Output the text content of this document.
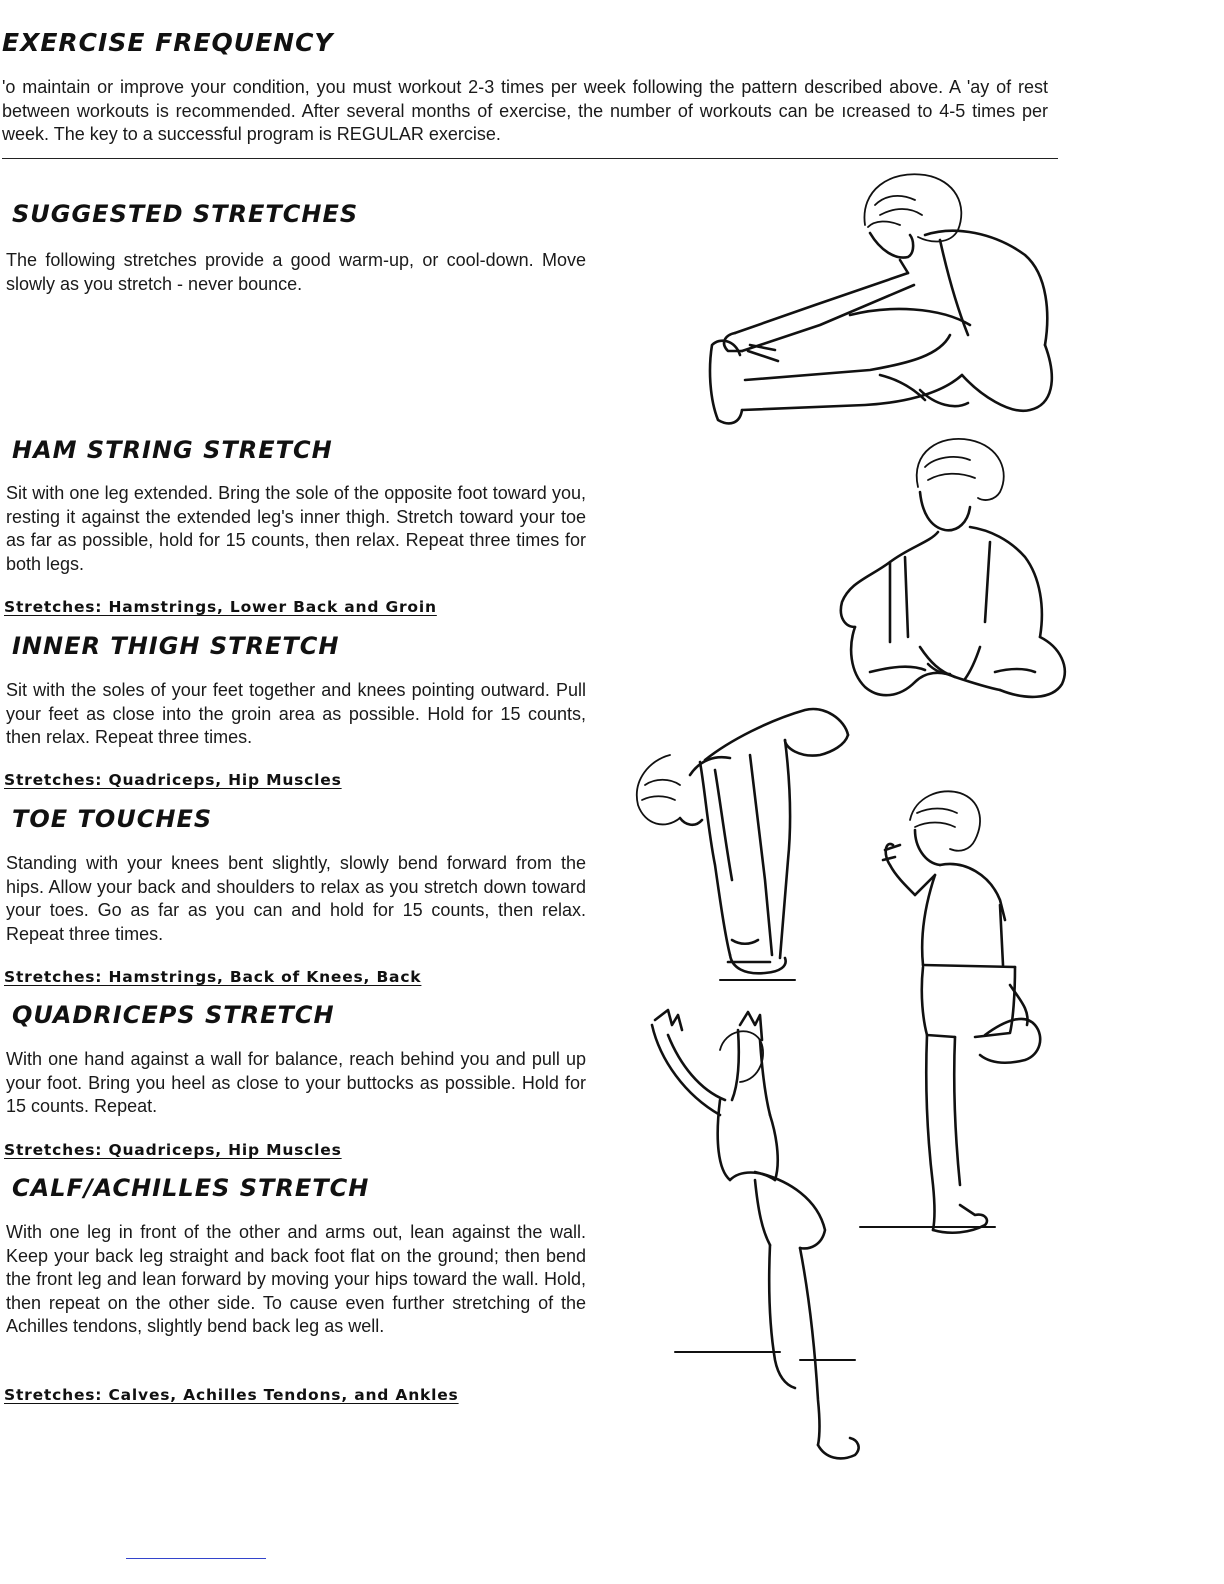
EXERCISE FREQUENCY

'o maintain or improve your condition, you must workout 2-3 times per week following the pattern described above. A 'ay of rest between workouts is recommended. After several months of exercise, the number of workouts can be ıcreased to 4-5 times per week. The key to a successful program is REGULAR exercise.

SUGGESTED STRETCHES

The following stretches provide a good warm-up, or cool-down. Move slowly as you stretch - never bounce.

HAM STRING STRETCH

Sit with one leg extended. Bring the sole of the opposite foot toward you, resting it against the extended leg's inner thigh. Stretch toward your toe as far as possible, hold for 15 counts, then relax. Repeat three times for both legs.

Stretches: Hamstrings, Lower Back and Groin
INNER THIGH STRETCH

Sit with the soles of your feet together and knees pointing outward. Pull your feet as close into the groin area as possible. Hold for 15 counts, then relax. Repeat three times.

Stretches: Quadriceps, Hip Muscles
TOE TOUCHES

Standing with your knees bent slightly, slowly bend forward from the hips. Allow your back and shoulders to relax as you stretch down toward your toes. Go as far as you can and hold for 15 counts, then relax. Repeat three times.

Stretches: Hamstrings, Back of Knees, Back
QUADRICEPS STRETCH

With one hand against a wall for balance, reach behind you and pull up your foot. Bring you heel as close to your buttocks as possible. Hold for 15 counts. Repeat.

Stretches: Quadriceps, Hip Muscles
CALF/ACHILLES STRETCH

With one leg in front of the other and arms out, lean against the wall. Keep your back leg straight and back foot flat on the ground; then bend the front leg and lean forward by moving your hips toward the wall. Hold, then repeat on the other side. To cause even further stretching of the Achilles tendons, slightly bend back leg as well.

Stretches: Calves, Achilles Tendons, and Ankles
